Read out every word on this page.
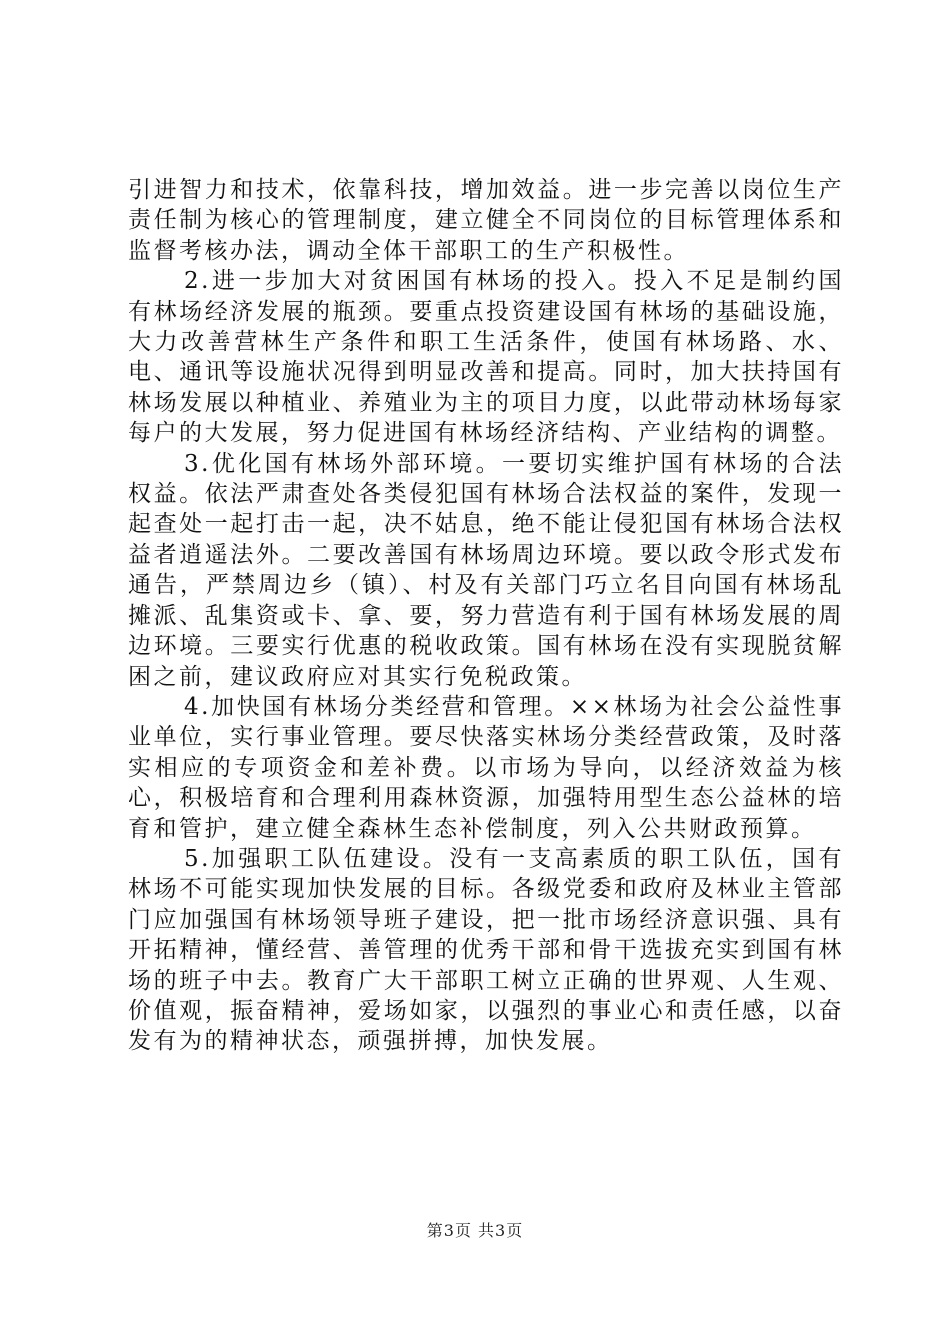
引进智力和技术，依靠科技，增加效益。进一步完善以岗位生产责任制为核心的管理制度，建立健全不同岗位的目标管理体系和监督考核办法，调动全体干部职工的生产积极性。

2.进一步加大对贫困国有林场的投入。投入不足是制约国有林场经济发展的瓶颈。要重点投资建设国有林场的基础设施，大力改善营林生产条件和职工生活条件，使国有林场路、水、电、通讯等设施状况得到明显改善和提高。同时，加大扶持国有林场发展以种植业、养殖业为主的项目力度，以此带动林场每家每户的大发展，努力促进国有林场经济结构、产业结构的调整。

3.优化国有林场外部环境。一要切实维护国有林场的合法权益。依法严肃查处各类侵犯国有林场合法权益的案件，发现一起查处一起打击一起，决不姑息，绝不能让侵犯国有林场合法权益者逍遥法外。二要改善国有林场周边环境。要以政令形式发布通告，严禁周边乡（镇）、村及有关部门巧立名目向国有林场乱摊派、乱集资或卡、拿、要，努力营造有利于国有林场发展的周边环境。三要实行优惠的税收政策。国有林场在没有实现脱贫解困之前，建议政府应对其实行免税政策。

4.加快国有林场分类经营和管理。××林场为社会公益性事业单位，实行事业管理。要尽快落实林场分类经营政策，及时落实相应的专项资金和差补费。以市场为导向，以经济效益为核心，积极培育和合理利用森林资源，加强特用型生态公益林的培育和管护，建立健全森林生态补偿制度，列入公共财政预算。

5.加强职工队伍建设。没有一支高素质的职工队伍，国有林场不可能实现加快发展的目标。各级党委和政府及林业主管部门应加强国有林场领导班子建设，把一批市场经济意识强、具有开拓精神，懂经营、善管理的优秀干部和骨干选拔充实到国有林场的班子中去。教育广大干部职工树立正确的世界观、人生观、价值观，振奋精神，爱场如家，以强烈的事业心和责任感，以奋发有为的精神状态，顽强拼搏，加快发展。

第3页 共3页
